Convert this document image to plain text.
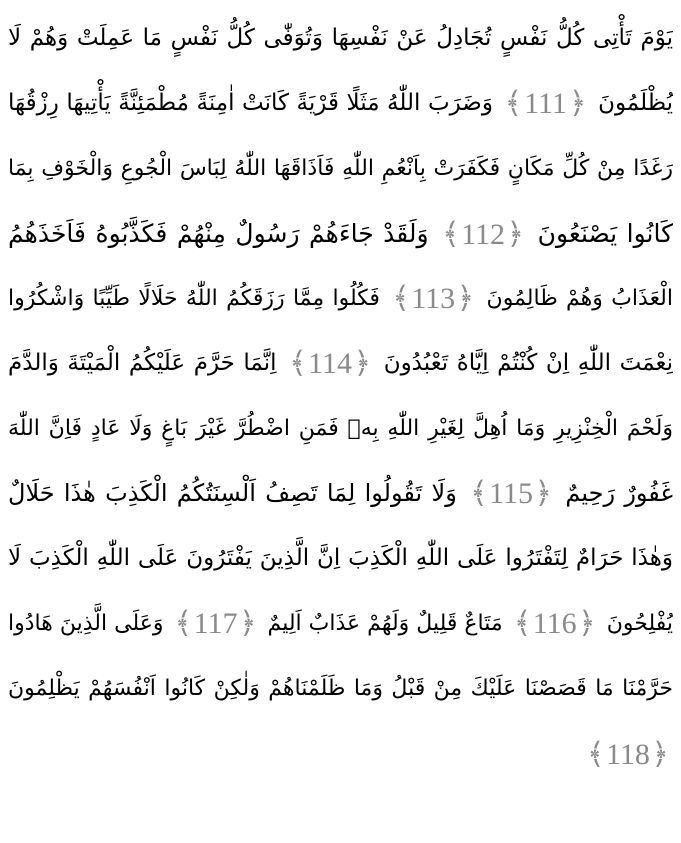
يَوْمَ تَأْتِى كُلُّ نَفْسٍ تُجَادِلُ عَنْ نَفْسِهَا وَتُوَفّٰى كُلُّ نَفْسٍ مَا عَمِلَتْ وَهُمْ لَا
يُظْلَمُونَ
﴾ 111 ﴿
وَضَرَبَ اللّٰهُ مَثَلًا قَرْيَةً كَانَتْ اٰمِنَةً مُطْمَئِنَّةً يَأْتِيهَا رِزْقُهَا
رَغَدًا مِنْ كُلِّ مَكَانٍ فَكَفَرَتْ بِاَنْعُمِ اللّٰهِ فَاَذَاقَهَا اللّٰهُ لِبَاسَ الْجُوعِ وَالْخَوْفِ بِمَا
كَانُوا يَصْنَعُونَ
﴾ 112 ﴿
وَلَقَدْ جَاءَهُمْ رَسُولٌ مِنْهُمْ فَكَذَّبُوهُ فَاَخَذَهُمُ
الْعَذَابُ وَهُمْ ظَالِمُونَ
﴾ 113 ﴿
فَكُلُوا مِمَّا رَزَقَكُمُ اللّٰهُ حَلَالًا طَيِّبًا وَاشْكُرُوا
نِعْمَتَ اللّٰهِ اِنْ كُنْتُمْ اِيَّاهُ تَعْبُدُونَ
﴾ 114 ﴿
اِنَّمَا حَرَّمَ عَلَيْكُمُ الْمَيْتَةَ وَالدَّمَ
وَلَحْمَ الْخِنْزِيرِ وَمَا اُهِلَّ لِغَيْرِ اللّٰهِ بِهٖ فَمَنِ اضْطُرَّ غَيْرَ بَاغٍ وَلَا عَادٍ فَاِنَّ اللّٰهَ
غَفُورٌ رَحِيمٌ
﴾ 115 ﴿
وَلَا تَقُولُوا لِمَا تَصِفُ اَلْسِنَتُكُمُ الْكَذِبَ هٰذَا حَلَالٌ
وَهٰذَا حَرَامٌ لِتَفْتَرُوا عَلَى اللّٰهِ الْكَذِبَ اِنَّ الَّذِينَ يَفْتَرُونَ عَلَى اللّٰهِ الْكَذِبَ لَا
يُفْلِحُونَ
﴾ 116 ﴿
مَتَاعٌ قَلِيلٌ وَلَهُمْ عَذَابٌ اَلِيمٌ
﴾ 117 ﴿
وَعَلَى الَّذِينَ هَادُوا
حَرَّمْنَا مَا قَصَصْنَا عَلَيْكَ مِنْ قَبْلُ وَمَا ظَلَمْنَاهُمْ وَلٰكِنْ كَانُوا اَنْفُسَهُمْ يَظْلِمُونَ
﴾ 118 ﴿
